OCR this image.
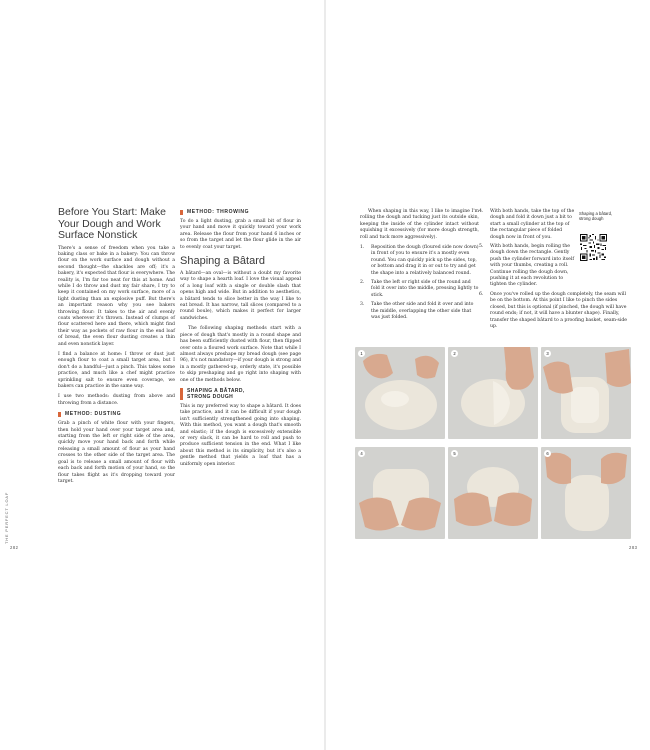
THE PERFECT LOAF
282
Before You Start: Make Your Dough and Work Surface Nonstick

There's a sense of freedom when you take a baking class or bake in a bakery: You can throw flour on the work surface and dough without a second thought—the shackles are off; it's a bakery, it's expected that flour is everywhere. The reality is, I'm far too neat for this at home. And while I do throw and dust my fair share, I try to keep it contained on my work surface, more of a light dusting than an explosive puff. But there's an important reason why you see bakers throwing flour: It takes to the air and evenly coats wherever it's thrown. Instead of clumps of flour scattered here and there, which might find their way as pockets of raw flour in the end loaf of bread, the even flour dusting creates a thin and even nonstick layer.

I find a balance at home: I throw or dust just enough flour to coat a small target area, but I don't do a handful—just a pinch. This takes some practice, and much like a chef might practice sprinkling salt to ensure even coverage, we bakers can practice in the same way.

I use two methods: dusting from above and throwing from a distance.

METHOD: DUSTING

Grab a pinch of white flour with your fingers, then hold your hand over your target area and, starting from the left or right side of the area, quickly move your hand back and forth while releasing a small amount of flour as your hand crosses to the other side of the target area. The goal is to release a small amount of flour with each back and forth motion of your hand, so the flour takes flight as it's dropping toward your target.

METHOD: THROWING

To do a light dusting, grab a small bit of flour in your hand and move it quickly toward your work area. Release the flour from your hand 6 inches or so from the target and let the flour glide in the air to evenly coat your target.

Shaping a Bâtard

A bâtard—an oval—is without a doubt my favorite way to shape a hearth loaf. I love the visual appeal of a long loaf with a single or double slash that opens high and wide. But in addition to aesthetics, a bâtard tends to slice better in the way I like to eat bread. It has narrow, tall slices (compared to a round boule), which makes it perfect for larger sandwiches.

The following shaping methods start with a piece of dough that's mostly in a round shape and has been sufficiently dusted with flour, then flipped over onto a floured work surface. Note that while I almost always preshape my bread dough (see page 96), it's not mandatory—if your dough is strong and in a mostly gathered-up, orderly state, it's possible to skip preshaping and go right into shaping with one of the methods below.

SHAPING A BÂTARD,
STRONG DOUGH

This is my preferred way to shape a bâtard. It does take practice, and it can be difficult if your dough isn't sufficiently strengthened going into shaping. With this method, you want a dough that's smooth and elastic; if the dough is excessively extensible or very slack, it can be hard to roll and push to produce sufficient tension in the end. What I like about this method is its simplicity, but it's also a gentle method that yields a loaf that has a uniformly open interior.

283

When shaping in this way, I like to imagine I'm rolling the dough and tucking just its outside skin, keeping the inside of the cylinder intact without squishing it excessively (for more dough strength, roll and tuck more aggressively).

1.	Reposition the dough (floured side now down) in front of you to ensure it's a mostly even round. You can quickly pick up the sides, top, or bottom and drag it in or out to try and get the shape into a relatively balanced round.
2.	Take the left or right side of the round and fold it over into the middle, pressing lightly to stick.
3.	Take the other side and fold it over and into the middle, overlapping the other side that was just folded.
4.	With both hands, take the top of the dough and fold it down just a bit to start a small cylinder at the top of the rectangular piece of folded dough now in front of you.
5.	With both hands, begin rolling the dough down the rectangle. Gently push the cylinder forward into itself with your thumbs, creating a roll. Continue rolling the dough down, pushing it at each revolution to tighten the cylinder.
6.	Once you've rolled up the dough completely, the seam will be on the bottom. At this point I like to pinch the sides closed, but this is optional (if pinched, the dough will have round ends; if not, it will have a blunter shape). Finally, transfer the shaped bâtard to a proofing basket, seam-side up.
Shaping a bâtard, strong dough
1	2	3
4	5	6
